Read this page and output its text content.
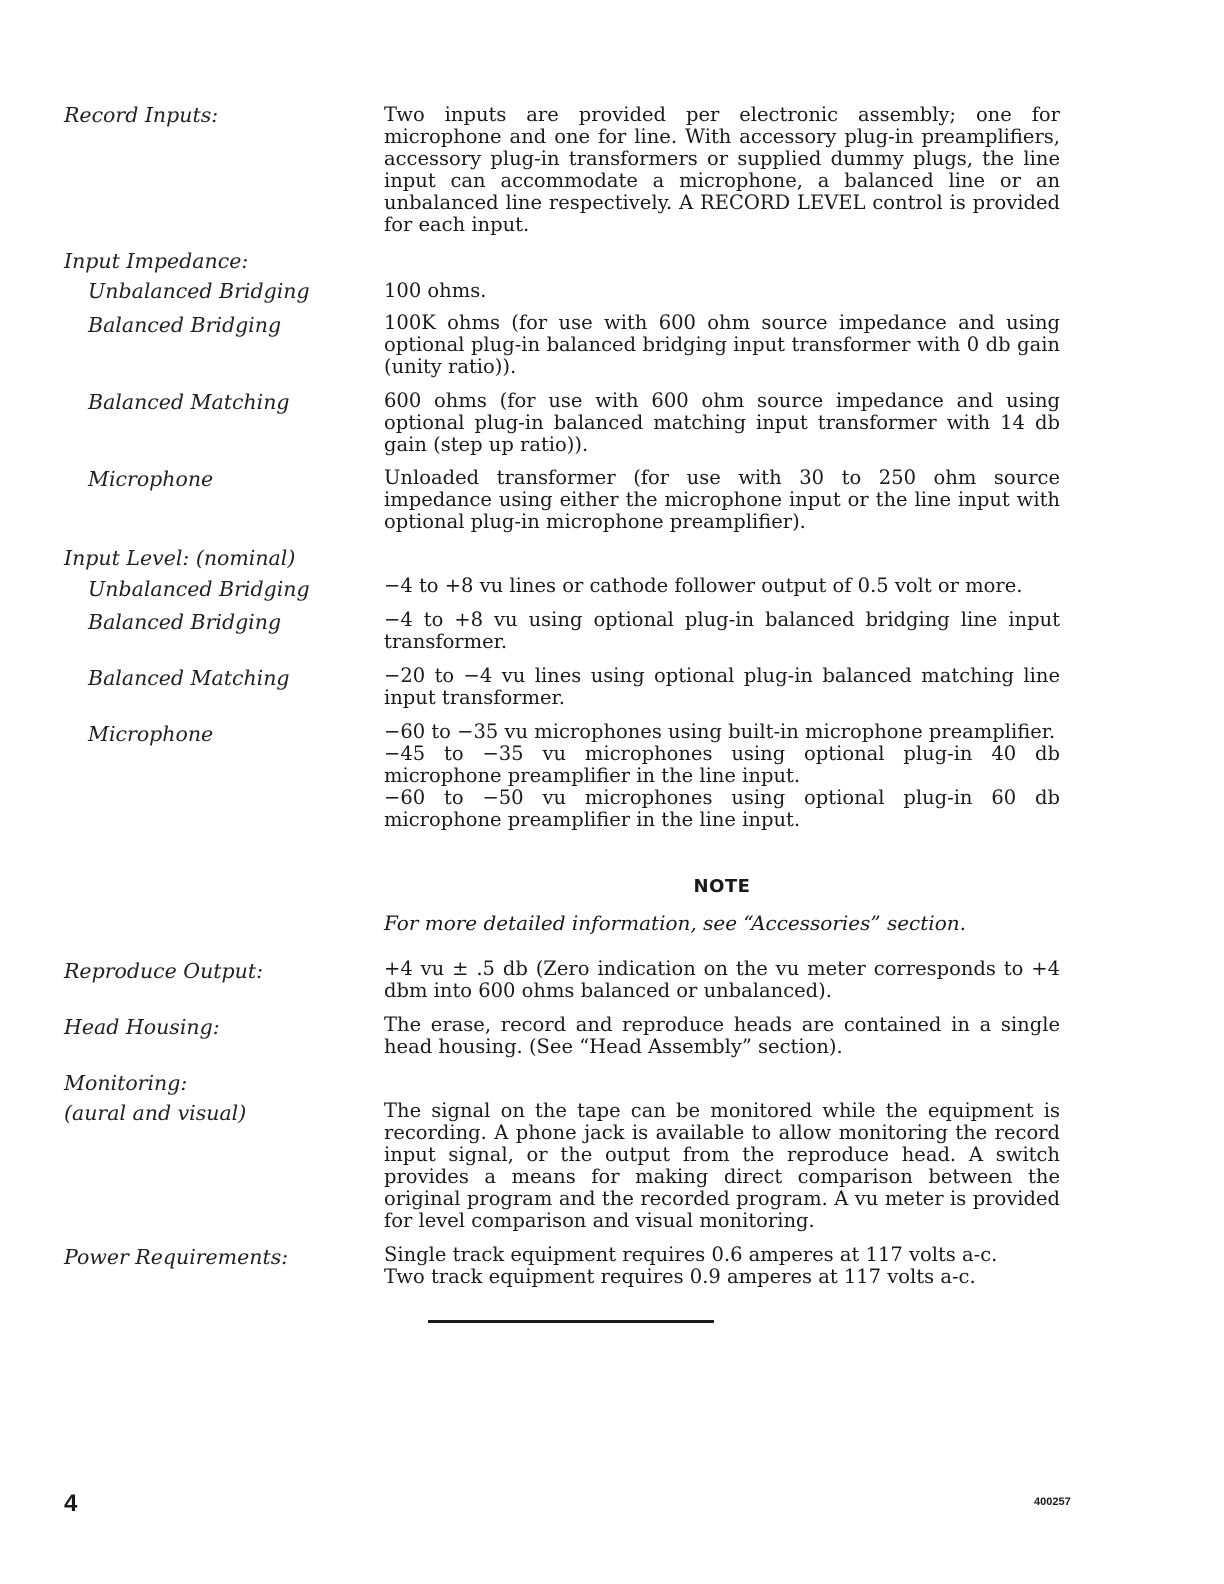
Record Inputs:	Two inputs are provided per electronic assembly; one for microphone and one for line. With accessory plug-in preamplifiers, accessory plug-in transformers or supplied dummy plugs, the line input can accommodate a microphone, a balanced line or an unbalanced line respectively. A RECORD LEVEL control is provided for each input.
Input Impedance:
Unbalanced Bridging	100 ohms.
Balanced Bridging	100K ohms (for use with 600 ohm source impedance and using optional plug-in balanced bridging input transformer with 0 db gain (unity ratio)).
Balanced Matching	600 ohms (for use with 600 ohm source impedance and using optional plug-in balanced matching input transformer with 14 db gain (step up ratio)).
Microphone	Unloaded transformer (for use with 30 to 250 ohm source impedance using either the microphone input or the line input with optional plug-in microphone preamplifier).
Input Level: (nominal)
Unbalanced Bridging	−4 to +8 vu lines or cathode follower output of 0.5 volt or more.
Balanced Bridging	−4 to +8 vu using optional plug-in balanced bridging line input transformer.
Balanced Matching	−20 to −4 vu lines using optional plug-in balanced matching line input transformer.
Microphone	−60 to −35 vu microphones using built-in microphone preamplifier.

−45 to −35 vu microphones using optional plug-in 40 db microphone preamplifier in the line input.

−60 to −50 vu microphones using optional plug-in 60 db microphone preamplifier in the line input.

NOTE
For more detailed information, see “Accessories” section.
Reproduce Output:	+4 vu ± .5 db (Zero indication on the vu meter corresponds to +4 dbm into 600 ohms balanced or unbalanced).
Head Housing:	The erase, record and reproduce heads are contained in a single head housing. (See “Head Assembly” section).
Monitoring:
(aural and visual)	The signal on the tape can be monitored while the equipment is recording. A phone jack is available to allow monitoring the record input signal, or the output from the reproduce head. A switch provides a means for making direct comparison between the original program and the recorded program. A vu meter is provided for level comparison and visual monitoring.
Power Requirements:	Single track equipment requires 0.6 amperes at 117 volts a-c.

Two track equipment requires 0.9 amperes at 117 volts a-c.

4	400257
